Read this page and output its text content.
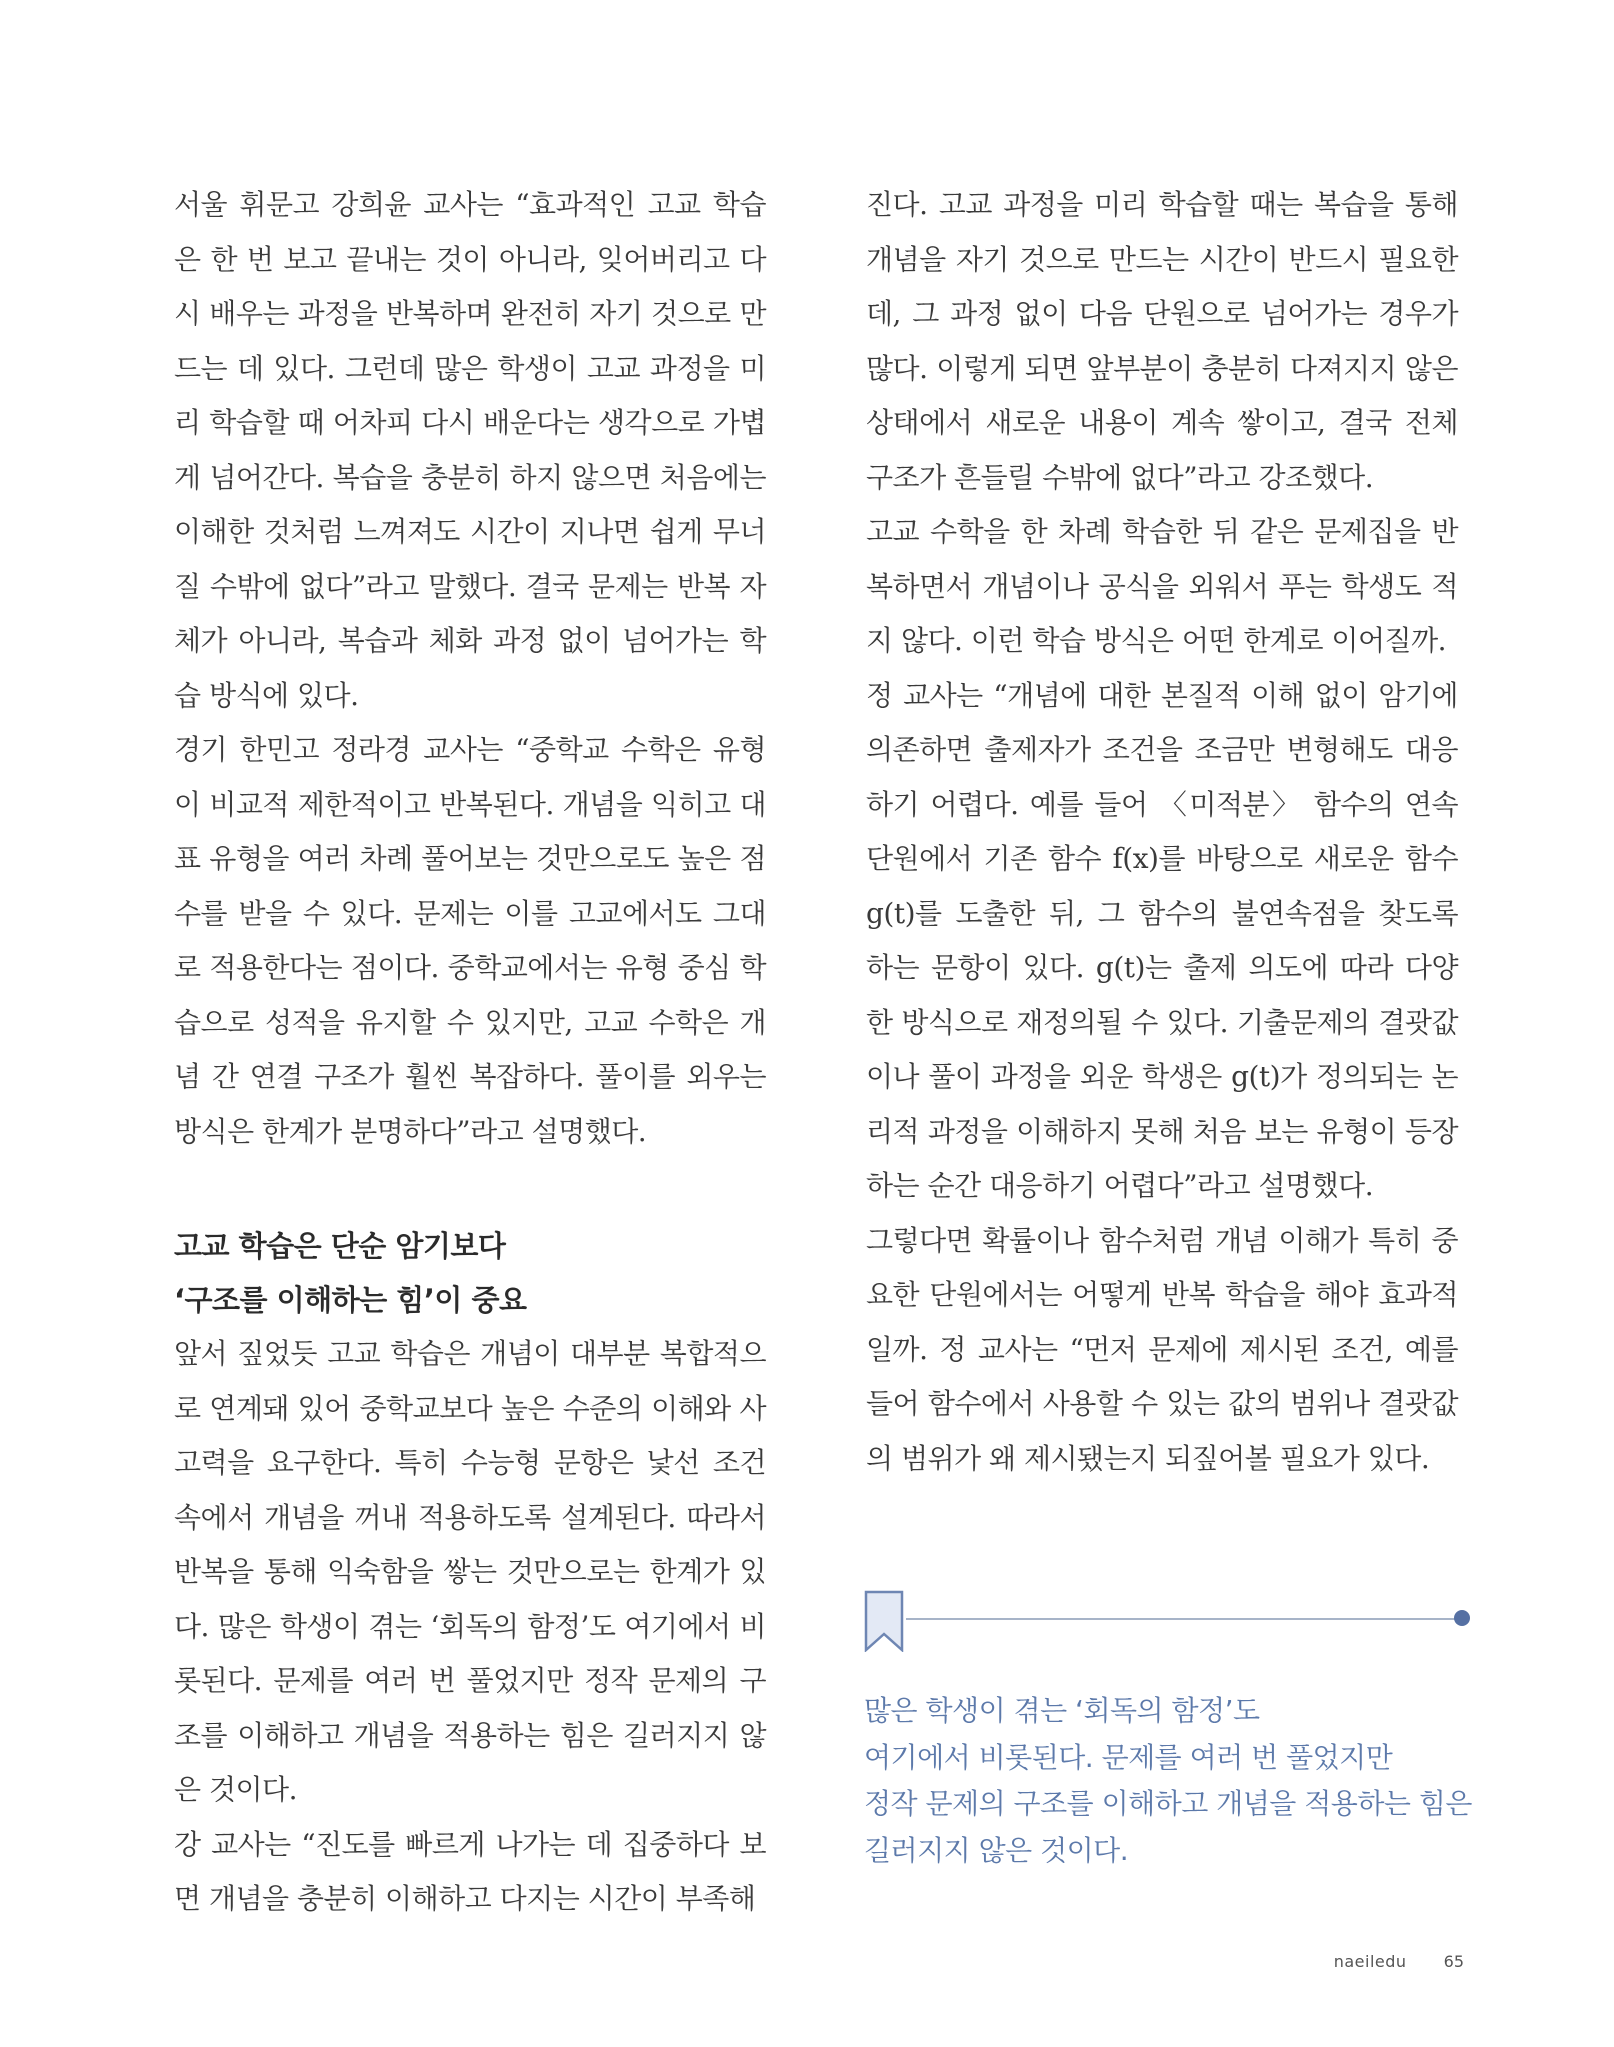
서울 휘문고 강희윤 교사는 “효과적인 고교 학습은 한 번 보고 끝내는 것이 아니라, 잊어버리고 다시 배우는 과정을 반복하며 완전히 자기 것으로 만드는 데 있다. 그런데 많은 학생이 고교 과정을 미리 학습할 때 어차피 다시 배운다는 생각으로 가볍게 넘어간다. 복습을 충분히 하지 않으면 처음에는 이해한 것처럼 느껴져도 시간이 지나면 쉽게 무너질 수밖에 없다”라고 말했다. 결국 문제는 반복 자체가 아니라, 복습과 체화 과정 없이 넘어가는 학습 방식에 있다.

경기 한민고 정라경 교사는 “중학교 수학은 유형이 비교적 제한적이고 반복된다. 개념을 익히고 대표 유형을 여러 차례 풀어보는 것만으로도 높은 점수를 받을 수 있다. 문제는 이를 고교에서도 그대로 적용한다는 점이다. 중학교에서는 유형 중심 학습으로 성적을 유지할 수 있지만, 고교 수학은 개념 간 연결 구조가 훨씬 복잡하다. 풀이를 외우는 방식은 한계가 분명하다”라고 설명했다.

고교 학습은 단순 암기보다
‘구조를 이해하는 힘’이 중요

앞서 짚었듯 고교 학습은 개념이 대부분 복합적으로 연계돼 있어 중학교보다 높은 수준의 이해와 사고력을 요구한다. 특히 수능형 문항은 낯선 조건 속에서 개념을 꺼내 적용하도록 설계된다. 따라서 반복을 통해 익숙함을 쌓는 것만으로는 한계가 있다. 많은 학생이 겪는 ‘회독의 함정’도 여기에서 비롯된다. 문제를 여러 번 풀었지만 정작 문제의 구조를 이해하고 개념을 적용하는 힘은 길러지지 않은 것이다.

강 교사는 “진도를 빠르게 나가는 데 집중하다 보면 개념을 충분히 이해하고 다지는 시간이 부족해

진다. 고교 과정을 미리 학습할 때는 복습을 통해 개념을 자기 것으로 만드는 시간이 반드시 필요한데, 그 과정 없이 다음 단원으로 넘어가는 경우가 많다. 이렇게 되면 앞부분이 충분히 다져지지 않은 상태에서 새로운 내용이 계속 쌓이고, 결국 전체 구조가 흔들릴 수밖에 없다”라고 강조했다.

고교 수학을 한 차례 학습한 뒤 같은 문제집을 반복하면서 개념이나 공식을 외워서 푸는 학생도 적지 않다. 이런 학습 방식은 어떤 한계로 이어질까.

정 교사는 “개념에 대한 본질적 이해 없이 암기에 의존하면 출제자가 조건을 조금만 변형해도 대응하기 어렵다. 예를 들어 〈미적분〉 함수의 연속 단원에서 기존 함수 f(x)를 바탕으로 새로운 함수 g(t)를 도출한 뒤, 그 함수의 불연속점을 찾도록 하는 문항이 있다. g(t)는 출제 의도에 따라 다양한 방식으로 재정의될 수 있다. 기출문제의 결괏값이나 풀이 과정을 외운 학생은 g(t)가 정의되는 논리적 과정을 이해하지 못해 처음 보는 유형이 등장하는 순간 대응하기 어렵다”라고 설명했다.

그렇다면 확률이나 함수처럼 개념 이해가 특히 중요한 단원에서는 어떻게 반복 학습을 해야 효과적일까. 정 교사는 “먼저 문제에 제시된 조건, 예를 들어 함수에서 사용할 수 있는 값의 범위나 결괏값의 범위가 왜 제시됐는지 되짚어볼 필요가 있다.

많은 학생이 겪는 ‘회독의 함정’도
여기에서 비롯된다. 문제를 여러 번 풀었지만
정작 문제의 구조를 이해하고 개념을 적용하는 힘은
길러지지 않은 것이다.
naeiledu 65
